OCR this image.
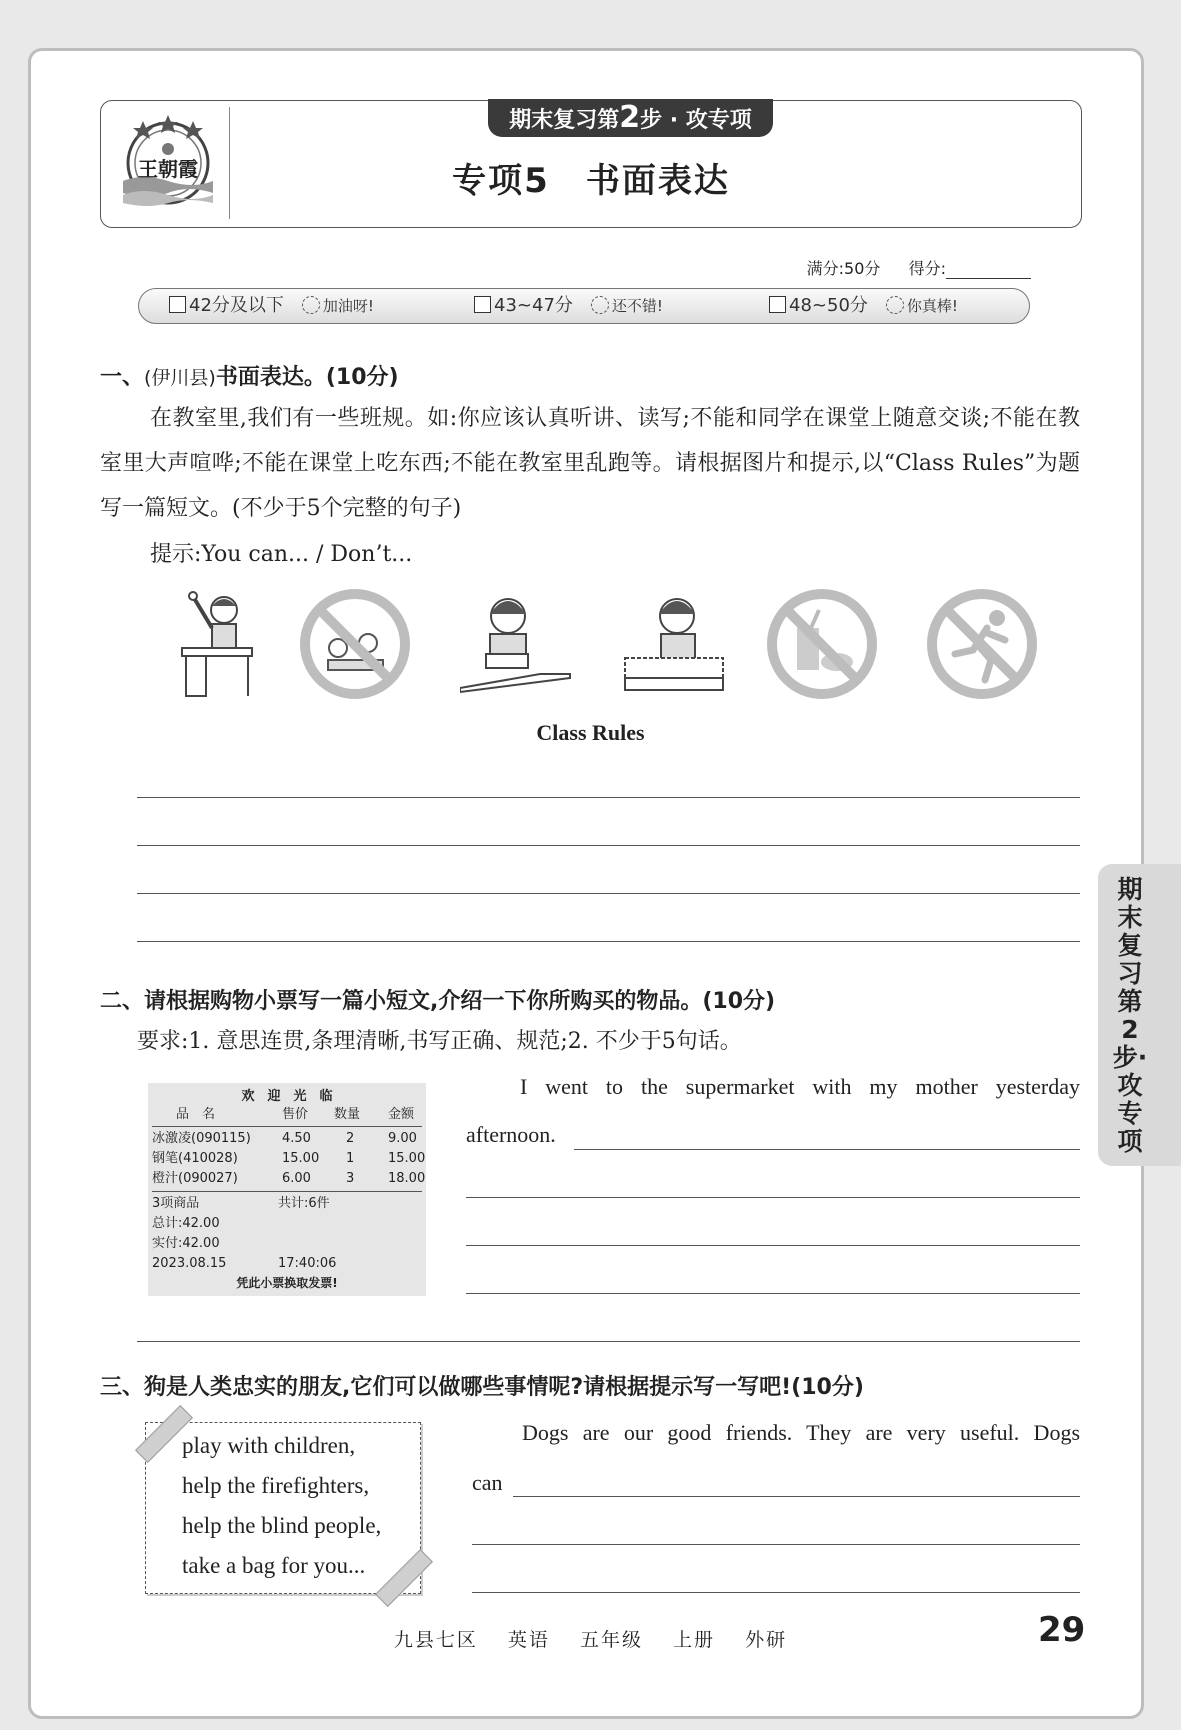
王朝霞
期末复习第2步 · 攻专项
专项5　书面表达
满分:50分 得分:
42分及以下	加油呀!	43~47分	还不错!	48~50分	你真棒!
一、(伊川县)书面表达。(10分)
在教室里,我们有一些班规。如:你应该认真听讲、读写;不能和同学在课堂上随意交谈;不能在教室里大声喧哗;不能在课堂上吃东西;不能在教室里乱跑等。请根据图片和提示,以“Class Rules”为题写一篇短文。(不少于5个完整的句子)
提示:You can... / Don’t...
Class Rules
二、请根据购物小票写一篇小短文,介绍一下你所购买的物品。(10分)
要求:1. 意思连贯,条理清晰,书写正确、规范;2. 不少于5句话。
欢　迎　光　临
品　名	售价 数量 金额
冰激凌(090115) 4.50	2	9.00
钢笔(410028)	15.00 1	15.00
橙汁(090027)	6.00	3	18.00
3项商品	共计:6件
总计:42.00
实付:42.00
2023.08.15	17:40:06
凭此小票换取发票!
I went to the supermarket with my mother yesterday
afternoon.
三、狗是人类忠实的朋友,它们可以做哪些事情呢?请根据提示写一写吧!(10分)
play with children,
help the firefighters,
help the blind people,
take a bag for you...
Dogs are our good friends. They are very useful. Dogs
can
期末复习第2步·攻专项
九县七区 英语 五年级 上册 外研	29
